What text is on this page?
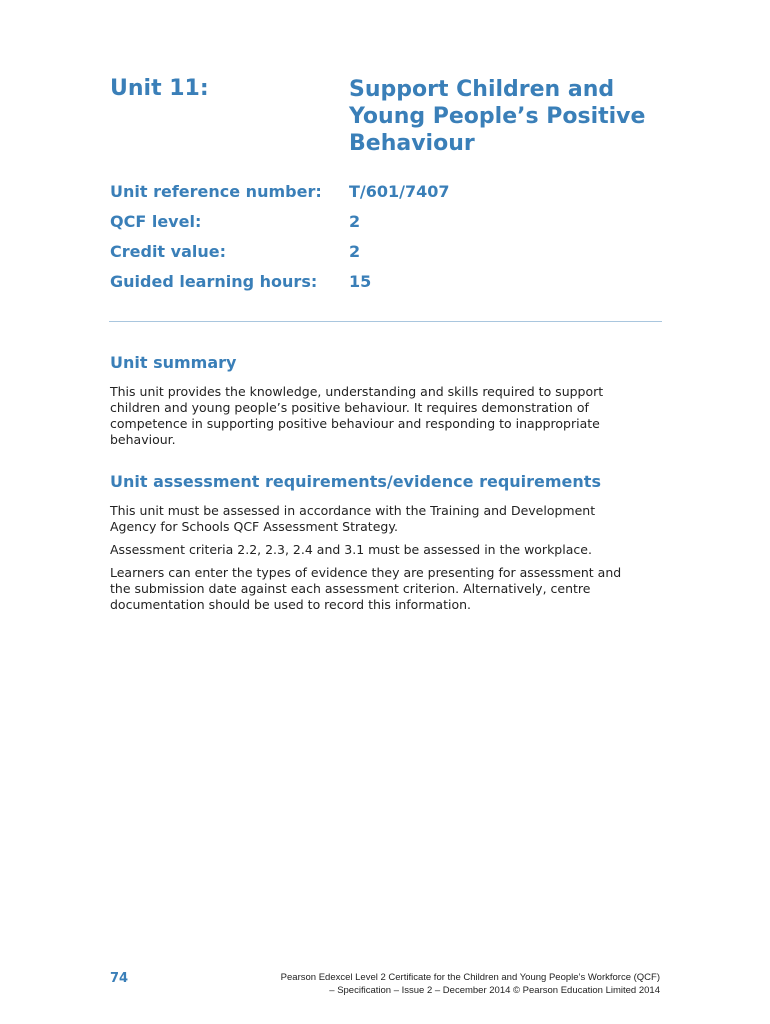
Unit 11:	Support Children and Young People’s Positive Behaviour
Unit reference number: T/601/7407
QCF level:	2
Credit value:	2
Guided learning hours: 15
Unit summary
This unit provides the knowledge, understanding and skills required to support children and young people’s positive behaviour. It requires demonstration of competence in supporting positive behaviour and responding to inappropriate behaviour.
Unit assessment requirements/evidence requirements
This unit must be assessed in accordance with the Training and Development Agency for Schools QCF Assessment Strategy.
Assessment criteria 2.2, 2.3, 2.4 and 3.1 must be assessed in the workplace.
Learners can enter the types of evidence they are presenting for assessment and the submission date against each assessment criterion. Alternatively, centre documentation should be used to record this information.
74	Pearson Edexcel Level 2 Certificate for the Children and Young People’s Workforce (QCF)
– Specification – Issue 2 – December 2014 © Pearson Education Limited 2014
